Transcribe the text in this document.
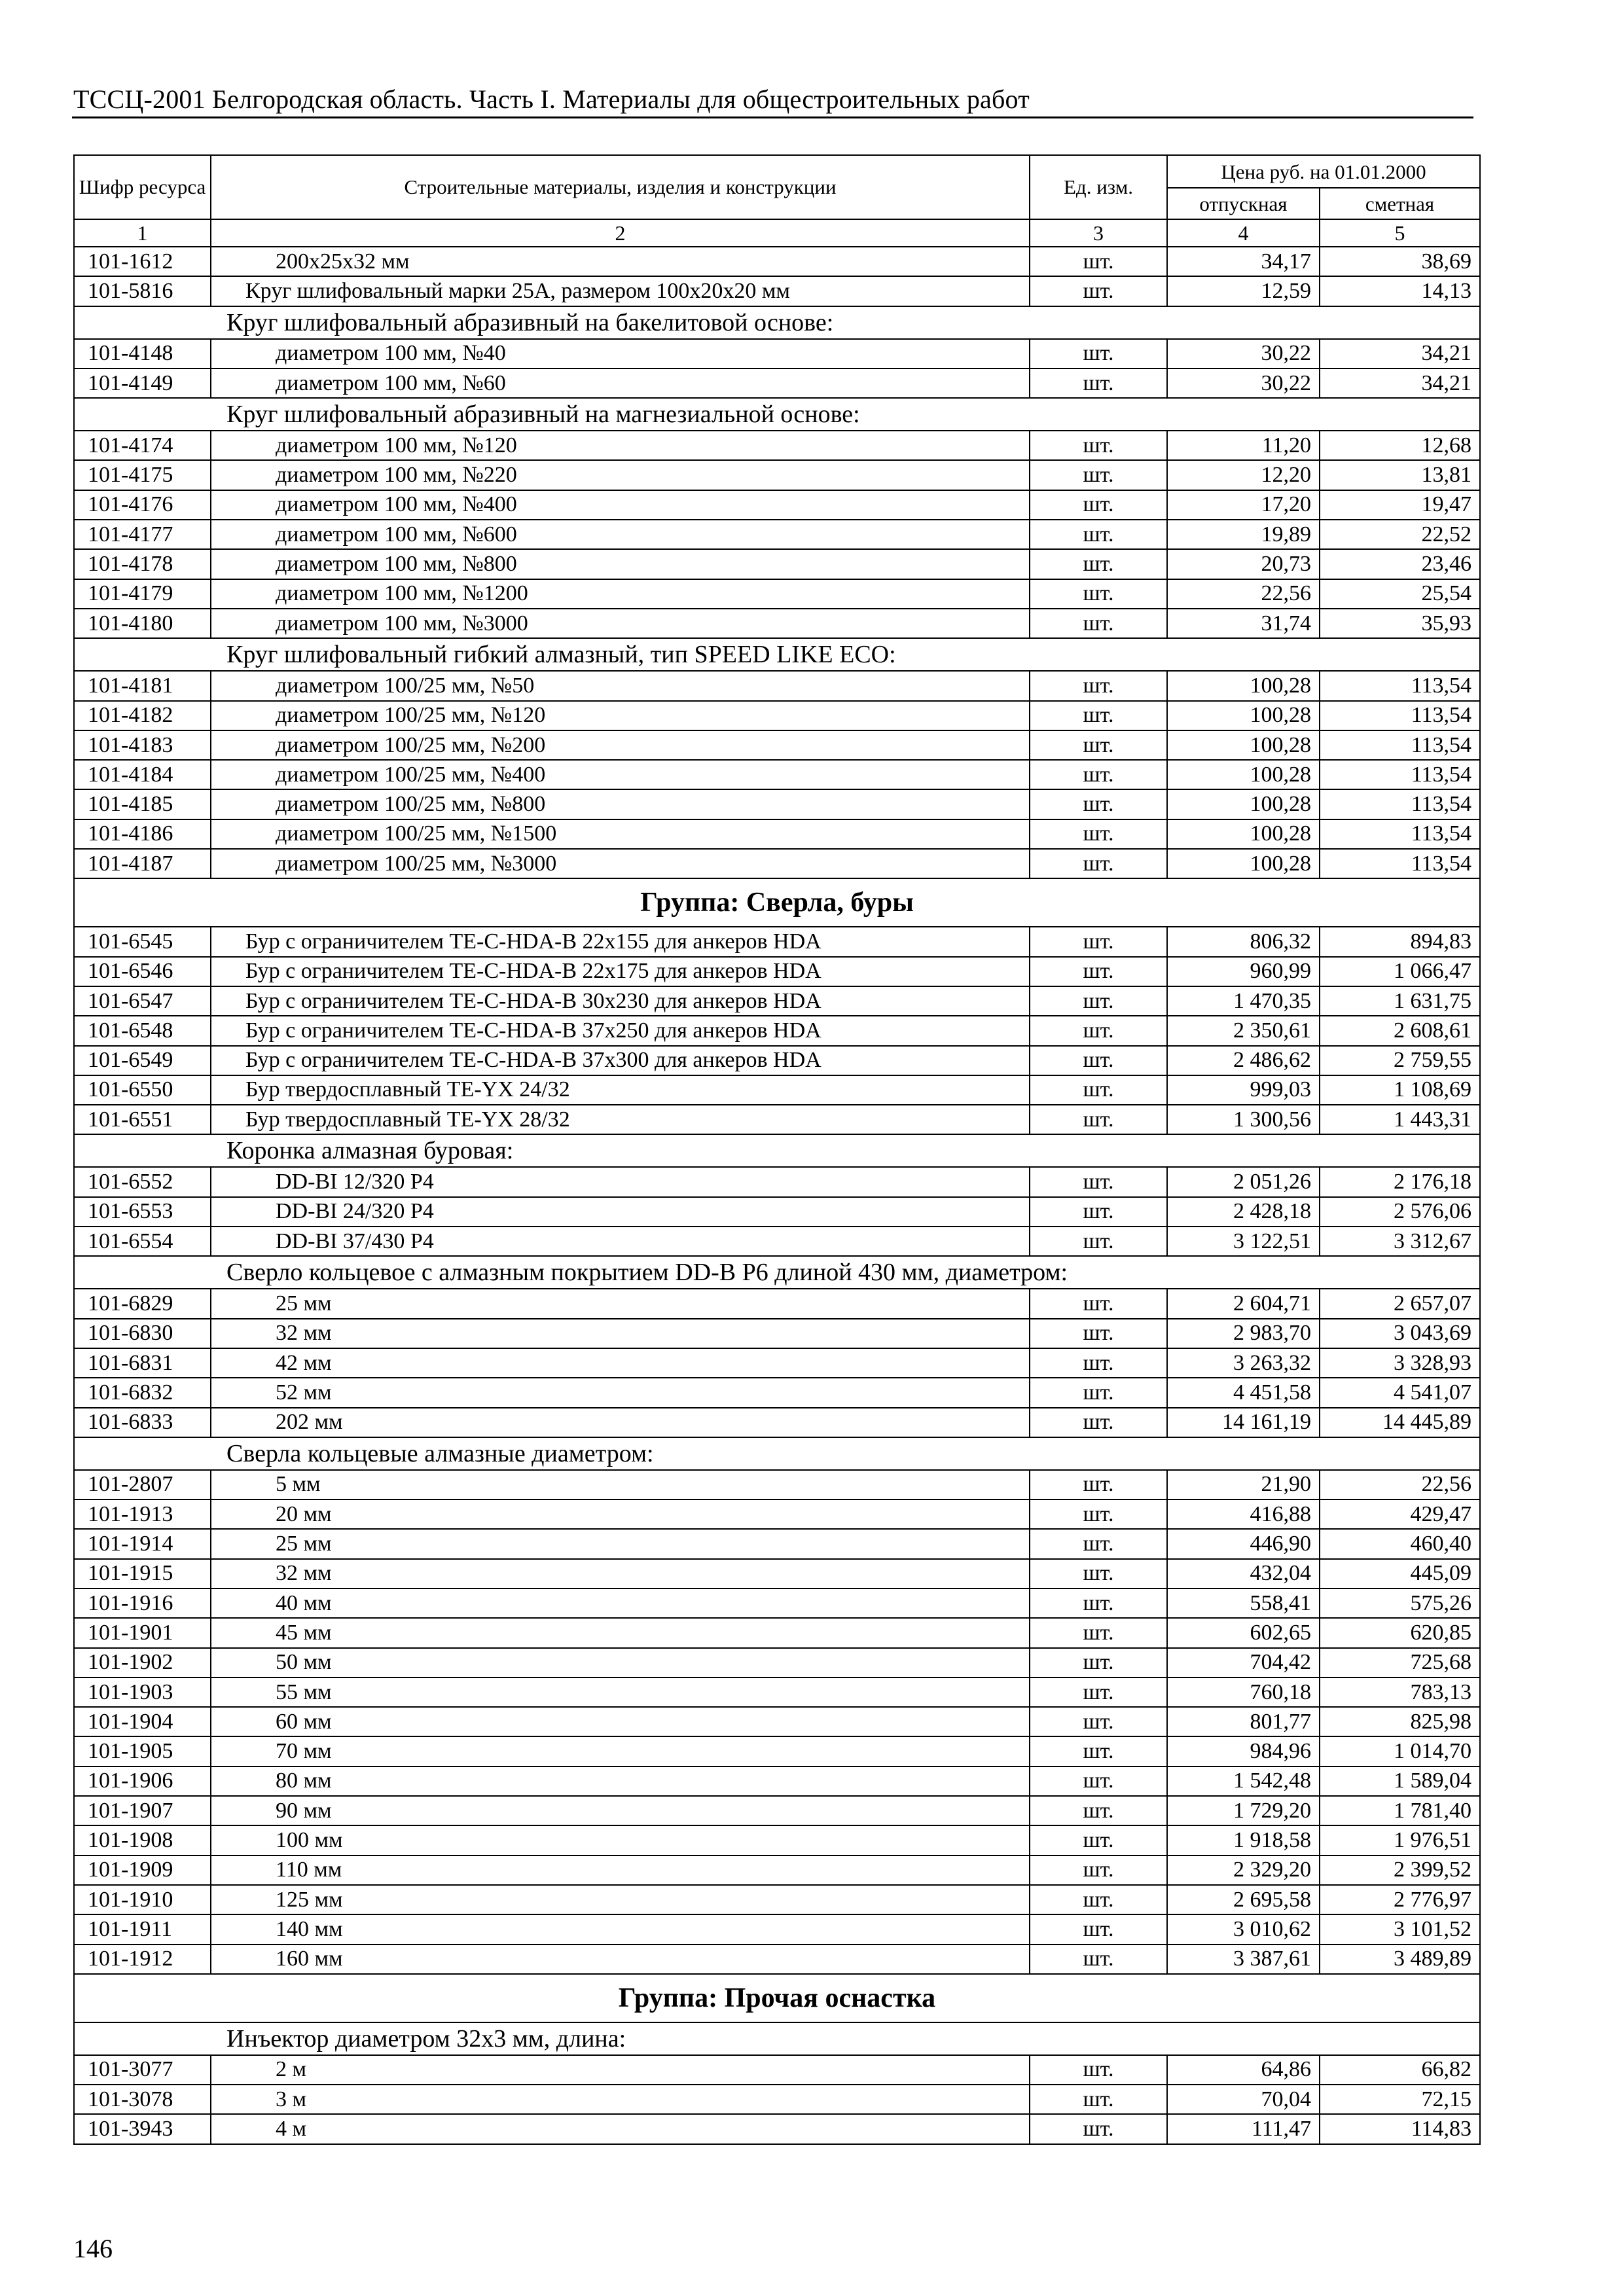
ТССЦ-2001 Белгородская область. Часть I. Материалы для общестроительных работ
Шифр ресурса	Строительные материалы, изделия и конструкции	Ед. изм.	Цена руб. на 01.01.2000	
			отпускная	сметная
1	2	3	4	5
101-1612	200х25х32 мм	шт.	34,17	38,69
101-5816	Круг шлифовальный марки 25А, размером 100х20х20 мм	шт.	12,59	14,13
Круг шлифовальный абразивный на бакелитовой основе:				
101-4148	диаметром 100 мм, №40	шт.	30,22	34,21
101-4149	диаметром 100 мм, №60	шт.	30,22	34,21
Круг шлифовальный абразивный на магнезиальной основе:				
101-4174	диаметром 100 мм, №120	шт.	11,20	12,68
101-4175	диаметром 100 мм, №220	шт.	12,20	13,81
101-4176	диаметром 100 мм, №400	шт.	17,20	19,47
101-4177	диаметром 100 мм, №600	шт.	19,89	22,52
101-4178	диаметром 100 мм, №800	шт.	20,73	23,46
101-4179	диаметром 100 мм, №1200	шт.	22,56	25,54
101-4180	диаметром 100 мм, №3000	шт.	31,74	35,93
Круг шлифовальный гибкий алмазный, тип SPEED LIKE ECO:				
101-4181	диаметром 100/25 мм, №50	шт.	100,28	113,54
101-4182	диаметром 100/25 мм, №120	шт.	100,28	113,54
101-4183	диаметром 100/25 мм, №200	шт.	100,28	113,54
101-4184	диаметром 100/25 мм, №400	шт.	100,28	113,54
101-4185	диаметром 100/25 мм, №800	шт.	100,28	113,54
101-4186	диаметром 100/25 мм, №1500	шт.	100,28	113,54
101-4187	диаметром 100/25 мм, №3000	шт.	100,28	113,54
Группа: Сверла, буры				
101-6545	Бур с ограничителем TE-C-HDA-B 22х155 для анкеров HDA	шт.	806,32	894,83
101-6546	Бур с ограничителем TE-C-HDA-B 22х175 для анкеров HDA	шт.	960,99	1 066,47
101-6547	Бур с ограничителем TE-C-HDA-B 30х230 для анкеров HDA	шт.	1 470,35	1 631,75
101-6548	Бур с ограничителем TE-C-HDA-B 37х250 для анкеров HDA	шт.	2 350,61	2 608,61
101-6549	Бур с ограничителем TE-C-HDA-B 37х300 для анкеров HDA	шт.	2 486,62	2 759,55
101-6550	Бур твердосплавный TE-YX 24/32	шт.	999,03	1 108,69
101-6551	Бур твердосплавный TE-YX 28/32	шт.	1 300,56	1 443,31
Коронка алмазная буровая:				
101-6552	DD-BI 12/320 P4	шт.	2 051,26	2 176,18
101-6553	DD-BI 24/320 P4	шт.	2 428,18	2 576,06
101-6554	DD-BI 37/430 P4	шт.	3 122,51	3 312,67
Сверло кольцевое с алмазным покрытием DD-B P6 длиной 430 мм, диаметром:				
101-6829	25 мм	шт.	2 604,71	2 657,07
101-6830	32 мм	шт.	2 983,70	3 043,69
101-6831	42 мм	шт.	3 263,32	3 328,93
101-6832	52 мм	шт.	4 451,58	4 541,07
101-6833	202 мм	шт.	14 161,19	14 445,89
Сверла кольцевые алмазные диаметром:				
101-2807	5 мм	шт.	21,90	22,56
101-1913	20 мм	шт.	416,88	429,47
101-1914	25 мм	шт.	446,90	460,40
101-1915	32 мм	шт.	432,04	445,09
101-1916	40 мм	шт.	558,41	575,26
101-1901	45 мм	шт.	602,65	620,85
101-1902	50 мм	шт.	704,42	725,68
101-1903	55 мм	шт.	760,18	783,13
101-1904	60 мм	шт.	801,77	825,98
101-1905	70 мм	шт.	984,96	1 014,70
101-1906	80 мм	шт.	1 542,48	1 589,04
101-1907	90 мм	шт.	1 729,20	1 781,40
101-1908	100 мм	шт.	1 918,58	1 976,51
101-1909	110 мм	шт.	2 329,20	2 399,52
101-1910	125 мм	шт.	2 695,58	2 776,97
101-1911	140 мм	шт.	3 010,62	3 101,52
101-1912	160 мм	шт.	3 387,61	3 489,89
Группа: Прочая оснастка				
Инъектор диаметром 32х3 мм, длина:				
101-3077	2 м	шт.	64,86	66,82
101-3078	3 м	шт.	70,04	72,15
101-3943	4 м	шт.	111,47	114,83
146
